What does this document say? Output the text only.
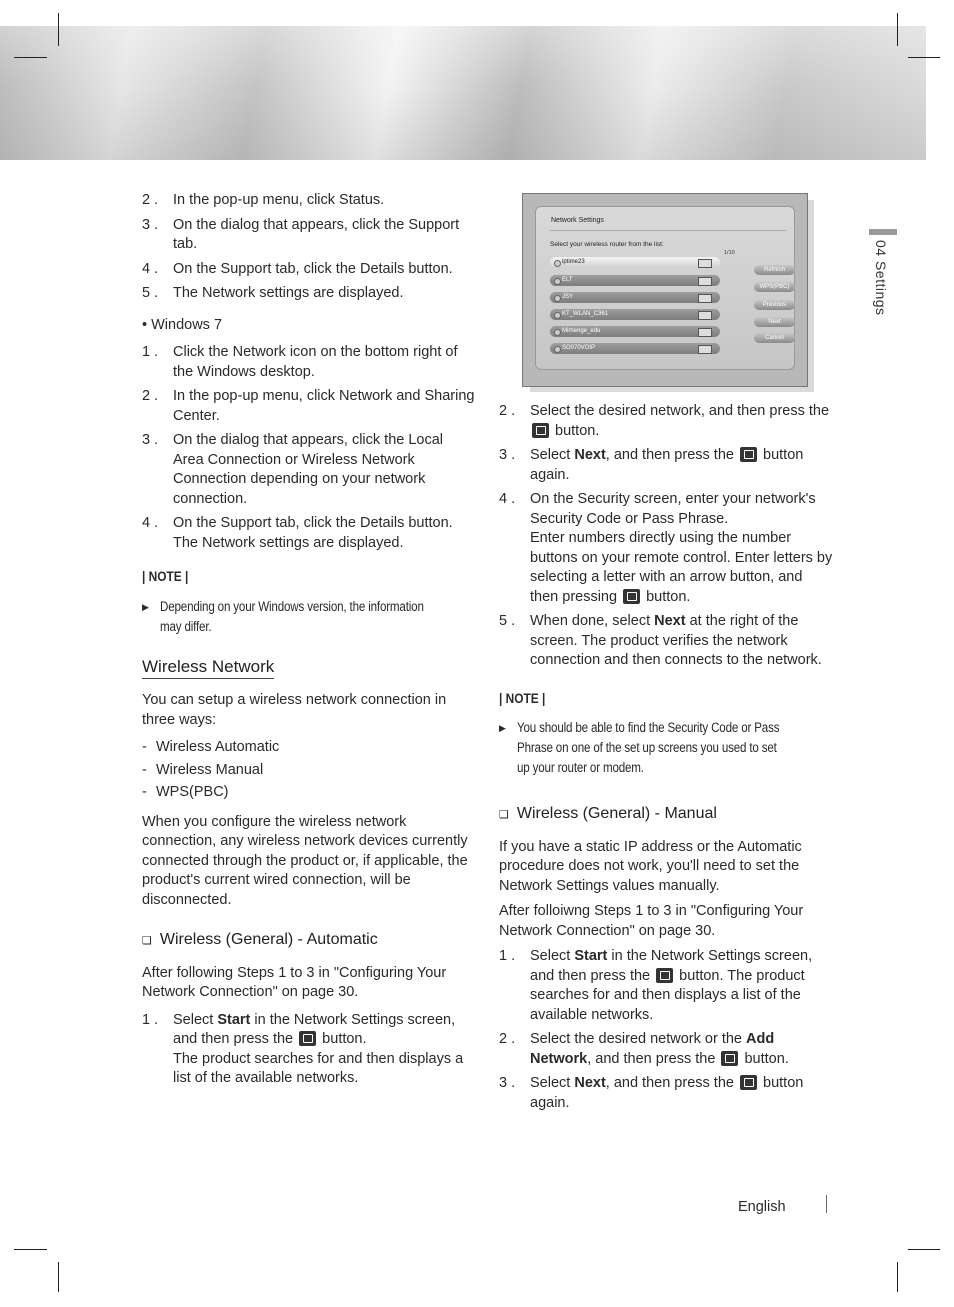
2 .	In the pop-up menu, click Status.
3 .	On the dialog that appears, click the Support tab.
4 .	On the Support tab, click the Details button.
5 .	The Network settings are displayed.
• Windows 7
1 .	Click the Network icon on the bottom right of the Windows desktop.
2 .	In the pop-up menu, click Network and Sharing Center.
3 .	On the dialog that appears, click the Local Area Connection or Wireless Network Connection depending on your network connection.
4 .	On the Support tab, click the Details button. The Network settings are displayed.
| NOTE |
▶ Depending on your Windows version, the information may differ.
Wireless Network

You can setup a wireless network connection in three ways:

- Wireless Automatic
- Wireless Manual
- WPS(PBC)

When you configure the wireless network connection, any wireless network devices currently connected through the product or, if applicable, the product's current wired connection, will be disconnected.

❏ Wireless (General) - Automatic

After following Steps 1 to 3 in "Configuring Your Network Connection" on page 30.

1 .	Select Start in the Network Settings screen, and then press the  button.
The product searches for and then displays a list of the available networks.
Network Settings
Select your wireless router from the list:
1/10
iptime23
ELT
JSY
KT_WLAN_C361
Mirhenge_edu
SO070VOIP
Refresh
WPS(PBC)
Previous
Next
Cancel
2 .	Select the desired network, and then press the  button.
3 .	Select Next, and then press the  button again.
4 .	On the Security screen, enter your network's Security Code or Pass Phrase.
Enter numbers directly using the number buttons on your remote control. Enter letters by selecting a letter with an arrow button, and then pressing  button.
5 .	When done, select Next at the right of the screen. The product verifies the network connection and then connects to the network.
| NOTE |
▶ You should be able to find the Security Code or Pass Phrase on one of the set up screens you used to set up your router or modem.
❏ Wireless (General) - Manual

If you have a static IP address or the Automatic procedure does not work, you'll need to set the Network Settings values manually.

After folloiwng Steps 1 to 3 in "Configuring Your Network Connection" on page 30.

1 .	Select Start in the Network Settings screen, and then press the  button. The product searches for and then displays a list of the available networks.
2 .	Select the desired network or the Add Network, and then press the  button.
3 .	Select Next, and then press the  button again.
04 Settings
English
